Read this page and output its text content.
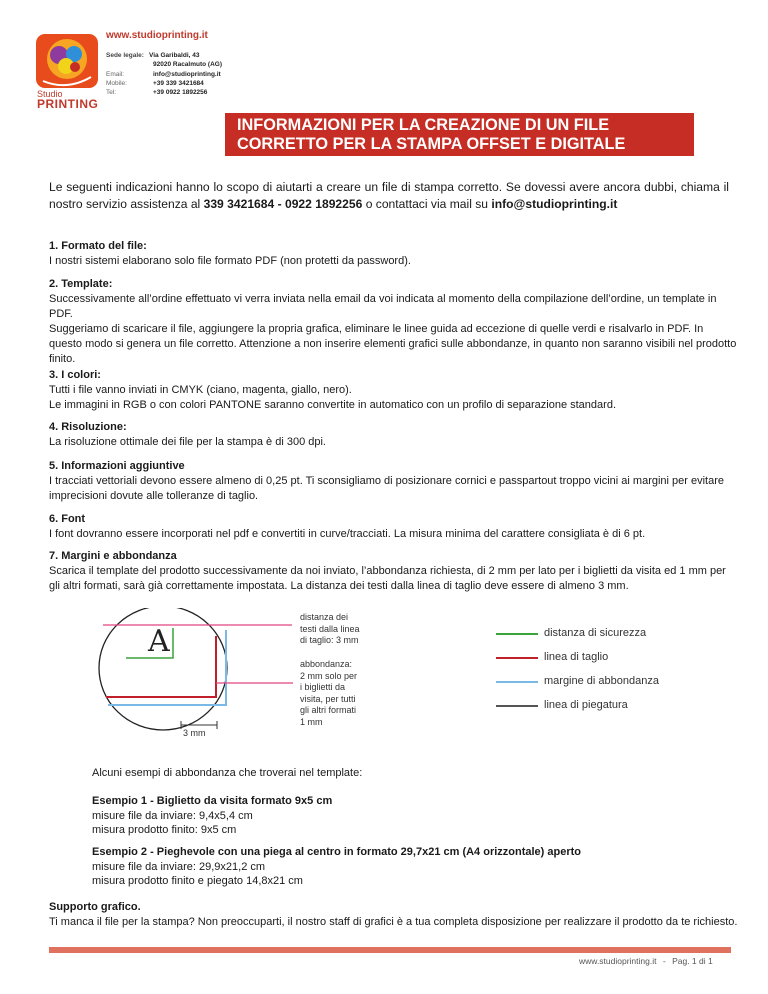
Studio
PRINTING
www.studioprinting.it
Sede legale: Via Garibaldi, 43
92020 Racalmuto (AG)
Email:	info@studioprinting.it
Mobile:	+39 339 3421684
Tel:	+39 0922 1892256
INFORMAZIONI PER LA CREAZIONE DI UN FILE
CORRETTO PER LA STAMPA OFFSET E DIGITALE
Le seguenti indicazioni hanno lo scopo di aiutarti a creare un file di stampa corretto. Se dovessi avere ancora dubbi, chiama il nostro servizio assistenza al 339 3421684 - 0922 1892256 o contattaci via mail su info@studioprinting.it
1. Formato del file:
I nostri sistemi elaborano solo file formato PDF (non protetti da password).
2. Template:
Successivamente all’ordine effettuato vi verra inviata nella email da voi indicata al momento della compilazione dell’ordine, un template in PDF.
Suggeriamo di scaricare il file, aggiungere la propria grafica, eliminare le linee guida ad eccezione di quelle verdi e risalvarlo in PDF. In questo modo si genera un file corretto. Attenzione a non inserire elementi grafici sulle abbondanze, in quanto non saranno visibili nel prodotto finito.
3. I colori:
Tutti i file vanno inviati in CMYK (ciano, magenta, giallo, nero).
Le immagini in RGB o con colori PANTONE saranno convertite in automatico con un profilo di separazione standard.
4. Risoluzione:
La risoluzione ottimale dei file per la stampa è di 300 dpi.
5. Informazioni aggiuntive
I tracciati vettoriali devono essere almeno di 0,25 pt. Ti sconsigliamo di posizionare cornici e passpartout troppo vicini ai margini per evitare imprecisioni dovute alle tolleranze di taglio.
6. Font
I font dovranno essere incorporati nel pdf e convertiti in curve/tracciati. La misura minima del carattere consigliata è di 6 pt.
7. Margini e abbondanza
Scarica il template del prodotto successivamente da noi inviato, l’abbondanza richiesta, di 2 mm per lato per i biglietti da visita ed 1 mm per gli altri formati, sarà già correttamente impostata. La distanza dei testi dalla linea di taglio deve essere di almeno 3 mm.
A
3 mm
distanza dei
testi dalla linea
di taglio: 3 mm
abbondanza:
2 mm solo per
i biglietti da
visita, per tutti
gli altri formati
1 mm
distanza di sicurezza
linea di taglio
margine di abbondanza
linea di piegatura
Alcuni esempi di abbondanza che troverai nel template:
Esempio 1 - Biglietto da visita formato 9x5 cm
misure file da inviare: 9,4x5,4 cm
misura prodotto finito: 9x5 cm
Esempio 2 - Pieghevole con una piega al centro in formato 29,7x21 cm (A4 orizzontale) aperto
misure file da inviare: 29,9x21,2 cm
misura prodotto finito e piegato 14,8x21 cm
Supporto grafico.
Ti manca il file per la stampa? Non preoccuparti, il nostro staff di grafici è a tua completa disposizione per realizzare il prodotto da te richiesto.
www.studioprinting.it - Pag. 1 di 1
